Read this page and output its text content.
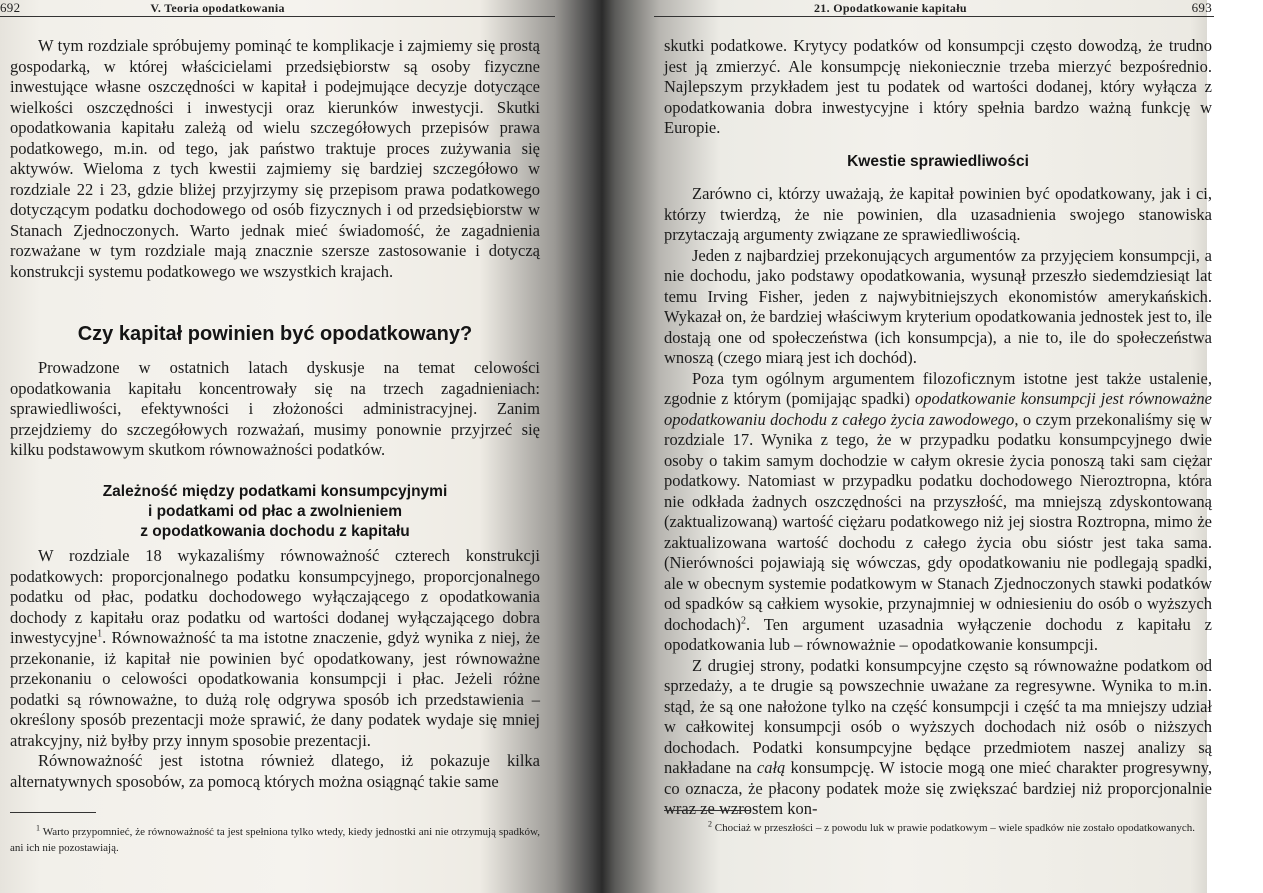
692	V. Teoria opodatkowania

W tym rozdziale spróbujemy pominąć te komplikacje i zajmiemy się prostą gospodarką, w której właścicielami przedsiębiorstw są osoby fizyczne inwestujące własne oszczędności w kapitał i podejmujące decyzje dotyczące wielkości oszczędności i inwestycji oraz kierunków inwestycji. Skutki opodatkowania kapitału zależą od wielu szczegółowych przepisów prawa podatkowego, m.in. od tego, jak państwo traktuje proces zużywania się aktywów. Wieloma z tych kwestii zajmiemy się bardziej szczegółowo w rozdziale 22 i 23, gdzie bliżej przyjrzymy się przepisom prawa podatkowego dotyczącym podatku dochodowego od osób fizycznych i od przedsiębiorstw w Stanach Zjednoczonych. Warto jednak mieć świadomość, że zagadnienia rozważane w tym rozdziale mają znacznie szersze zastosowanie i dotyczą konstrukcji systemu podatkowego we wszystkich krajach.

Czy kapitał powinien być opodatkowany?

Prowadzone w ostatnich latach dyskusje na temat celowości opodatkowania kapitału koncentrowały się na trzech zagadnieniach: sprawiedliwości, efektywności i złożoności administracyjnej. Zanim przejdziemy do szczegółowych rozważań, musimy ponownie przyjrzeć się kilku podstawowym skutkom równoważności podatków.

Zależność między podatkami konsumpcyjnymi

i podatkami od płac a zwolnieniem

z opodatkowania dochodu z kapitału

W rozdziale 18 wykazaliśmy równoważność czterech konstrukcji podatkowych: proporcjonalnego podatku konsumpcyjnego, proporcjonalnego podatku od płac, podatku dochodowego wyłączającego z opodatkowania dochody z kapitału oraz podatku od wartości dodanej wyłączającego dobra inwestycyjne$^1$. Równoważność ta ma istotne znaczenie, gdyż wynika z niej, że przekonanie, iż kapitał nie powinien być opodatkowany, jest równoważne przekonaniu o celowości opodatkowania konsumpcji i płac. Jeżeli różne podatki są równoważne, to dużą rolę odgrywa sposób ich przedstawienia – określony sposób prezentacji może sprawić, że dany podatek wydaje się mniej atrakcyjny, niż byłby przy innym sposobie prezentacji.

Równoważność jest istotna również dlatego, iż pokazuje kilka alternatywnych sposobów, za pomocą których można osiągnąć takie same

$^1$ Warto przypomnieć, że równoważność ta jest spełniona tylko wtedy, kiedy jednostki ani nie otrzymują spadków, ani ich nie pozostawiają.
21. Opodatkowanie kapitału	693

skutki podatkowe. Krytycy podatków od konsumpcji często dowodzą, że trudno jest ją zmierzyć. Ale konsumpcję niekoniecznie trzeba mierzyć bezpośrednio. Najlepszym przykładem jest tu podatek od wartości dodanej, który wyłącza z opodatkowania dobra inwestycyjne i który spełnia bardzo ważną funkcję w Europie.

Kwestie sprawiedliwości

Zarówno ci, którzy uważają, że kapitał powinien być opodatkowany, jak i ci, którzy twierdzą, że nie powinien, dla uzasadnienia swojego stanowiska przytaczają argumenty związane ze sprawiedliwością.

Jeden z najbardziej przekonujących argumentów za przyjęciem konsumpcji, a nie dochodu, jako podstawy opodatkowania, wysunął przeszło siedemdziesiąt lat temu Irving Fisher, jeden z najwybitniejszych ekonomistów amerykańskich. Wykazał on, że bardziej właściwym kryterium opodatkowania jednostek jest to, ile dostają one od społeczeństwa (ich konsumpcja), a nie to, ile do społeczeństwa wnoszą (czego miarą jest ich dochód).

Poza tym ogólnym argumentem filozoficznym istotne jest także ustalenie, zgodnie z którym (pomijając spadki) opodatkowanie konsumpcji jest równoważne opodatkowaniu dochodu z całego życia zawodowego, o czym przekonaliśmy się w rozdziale 17. Wynika z tego, że w przypadku podatku konsumpcyjnego dwie osoby o takim samym dochodzie w całym okresie życia ponoszą taki sam ciężar podatkowy. Natomiast w przypadku podatku dochodowego Nieroztropna, która nie odkłada żadnych oszczędności na przyszłość, ma mniejszą zdyskontowaną (zaktualizowaną) wartość ciężaru podatkowego niż jej siostra Roztropna, mimo że zaktualizowana wartość dochodu z całego życia obu sióstr jest taka sama. (Nierówności pojawiają się wówczas, gdy opodatkowaniu nie podlegają spadki, ale w obecnym systemie podatkowym w Stanach Zjednoczonych stawki podatków od spadków są całkiem wysokie, przynajmniej w odniesieniu do osób o wyższych dochodach)$^2$. Ten argument uzasadnia wyłączenie dochodu z kapitału z opodatkowania lub – równoważnie – opodatkowanie konsumpcji.

Z drugiej strony, podatki konsumpcyjne często są równoważne podatkom od sprzedaży, a te drugie są powszechnie uważane za regresywne. Wynika to m.in. stąd, że są one nałożone tylko na część konsumpcji i część ta ma mniejszy udział w całkowitej konsumpcji osób o wyższych dochodach niż osób o niższych dochodach. Podatki konsumpcyjne będące przedmiotem naszej analizy są nakładane na całą konsumpcję. W istocie mogą one mieć charakter progresywny, co oznacza, że płacony podatek może się zwiększać bardziej niż proporcjonalnie wraz ze wzrostem kon-

$^2$ Chociaż w przeszłości – z powodu luk w prawie podatkowym – wiele spadków nie zostało opodatkowanych.
